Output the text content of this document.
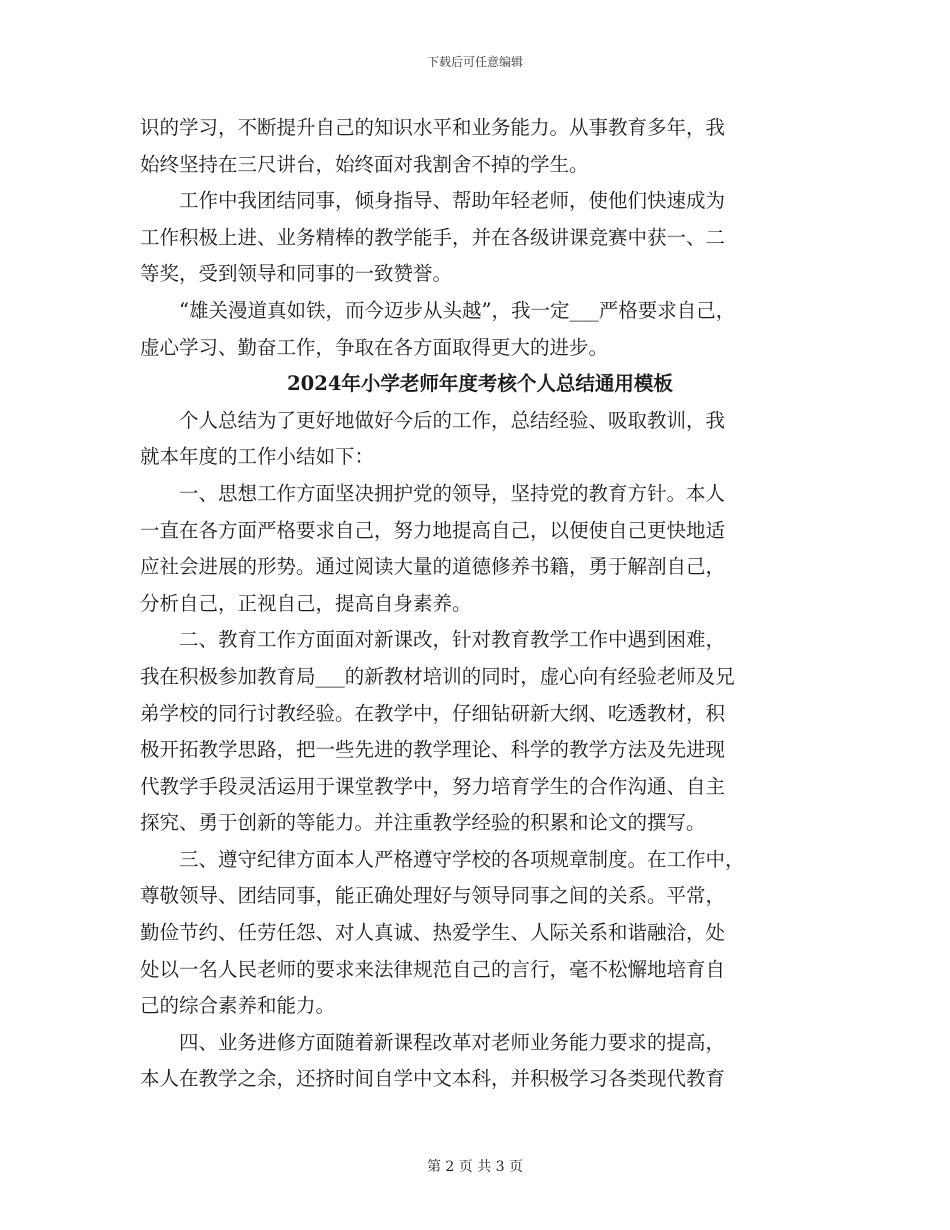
下载后可任意编辑

识的学习，不断提升自己的知识水平和业务能力。从事教育多年，我
始终坚持在三尺讲台，始终面对我割舍不掉的学生。
　　工作中我团结同事，倾身指导、帮助年轻老师，使他们快速成为
工作积极上进、业务精棒的教学能手，并在各级讲课竞赛中获一、二
等奖，受到领导和同事的一致赞誉。
　　“雄关漫道真如铁，而今迈步从头越”，我一定___严格要求自己，
虚心学习、勤奋工作，争取在各方面取得更大的进步。

2024年小学老师年度考核个人总结通用模板

　　个人总结为了更好地做好今后的工作，总结经验、吸取教训，我
就本年度的工作小结如下：
　　一、思想工作方面坚决拥护党的领导，坚持党的教育方针。本人
一直在各方面严格要求自己，努力地提高自己，以便使自己更快地适
应社会进展的形势。通过阅读大量的道德修养书籍，勇于解剖自己，
分析自己，正视自己，提高自身素养。
　　二、教育工作方面面对新课改，针对教育教学工作中遇到困难，
我在积极参加教育局___的新教材培训的同时，虚心向有经验老师及兄
弟学校的同行讨教经验。在教学中，仔细钻研新大纲、吃透教材，积
极开拓教学思路，把一些先进的教学理论、科学的教学方法及先进现
代教学手段灵活运用于课堂教学中，努力培育学生的合作沟通、自主
探究、勇于创新的等能力。并注重教学经验的积累和论文的撰写。
　　三、遵守纪律方面本人严格遵守学校的各项规章制度。在工作中，
尊敬领导、团结同事，能正确处理好与领导同事之间的关系。平常，
勤俭节约、任劳任怨、对人真诚、热爱学生、人际关系和谐融洽，处
处以一名人民老师的要求来法律规范自己的言行，毫不松懈地培育自
己的综合素养和能力。
　　四、业务进修方面随着新课程改革对老师业务能力要求的提高，
本人在教学之余，还挤时间自学中文本科，并积极学习各类现代教育

第 2 页 共 3 页
